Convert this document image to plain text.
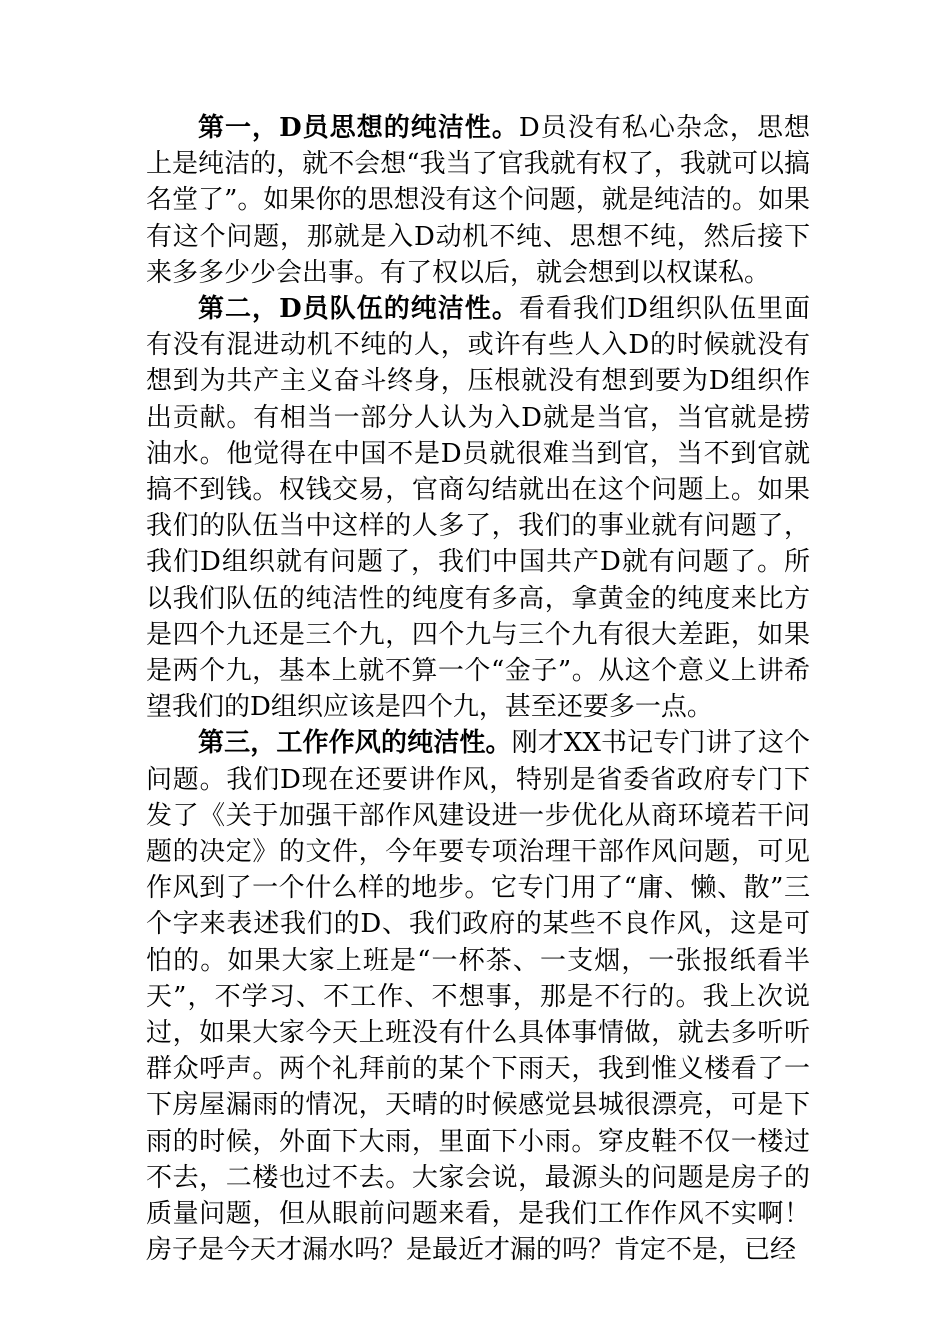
第一，D员思想的纯洁性。D员没有私心杂念，思想上是纯洁的，就不会想“我当了官我就有权了，我就可以搞名堂了”。如果你的思想没有这个问题，就是纯洁的。如果有这个问题，那就是入D动机不纯、思想不纯，然后接下来多多少少会出事。有了权以后，就会想到以权谋私。

第二，D员队伍的纯洁性。看看我们D组织队伍里面有没有混进动机不纯的人，或许有些人入D的时候就没有想到为共产主义奋斗终身，压根就没有想到要为D组织作出贡献。有相当一部分人认为入D就是当官，当官就是捞油水。他觉得在中国不是D员就很难当到官，当不到官就搞不到钱。权钱交易，官商勾结就出在这个问题上。如果我们的队伍当中这样的人多了，我们的事业就有问题了，我们D组织就有问题了，我们中国共产D就有问题了。所以我们队伍的纯洁性的纯度有多高，拿黄金的纯度来比方是四个九还是三个九，四个九与三个九有很大差距，如果是两个九，基本上就不算一个“金子”。从这个意义上讲希望我们的D组织应该是四个九，甚至还要多一点。

第三，工作作风的纯洁性。刚才XX书记专门讲了这个问题。我们D现在还要讲作风，特别是省委省政府专门下发了《关于加强干部作风建设进一步优化从商环境若干问题的决定》的文件，今年要专项治理干部作风问题，可见作风到了一个什么样的地步。它专门用了“庸、懒、散”三个字来表述我们的D、我们政府的某些不良作风，这是可怕的。如果大家上班是“一杯茶、一支烟，一张报纸看半天”，不学习、不工作、不想事，那是不行的。我上次说过，如果大家今天上班没有什么具体事情做，就去多听听群众呼声。两个礼拜前的某个下雨天，我到惟义楼看了一下房屋漏雨的情况，天晴的时候感觉县城很漂亮，可是下雨的时候，外面下大雨，里面下小雨。穿皮鞋不仅一楼过不去，二楼也过不去。大家会说，最源头的问题是房子的质量问题，但从眼前问题来看，是我们工作作风不实啊！房子是今天才漏水吗？是最近才漏的吗？肯定不是，已经
